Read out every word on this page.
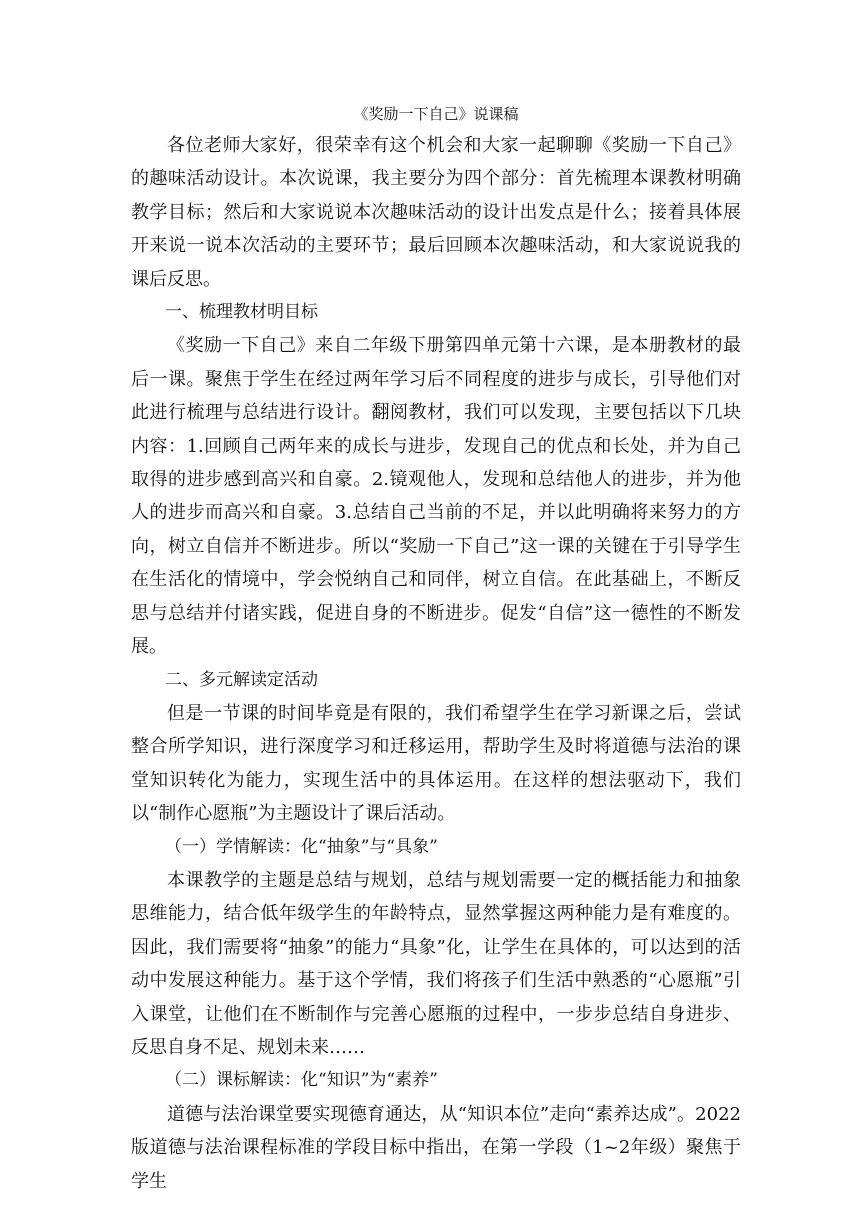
《奖励一下自己》说课稿

各位老师大家好，很荣幸有这个机会和大家一起聊聊《奖励一下自己》的趣味活动设计。本次说课，我主要分为四个部分：首先梳理本课教材明确教学目标；然后和大家说说本次趣味活动的设计出发点是什么；接着具体展开来说一说本次活动的主要环节；最后回顾本次趣味活动，和大家说说我的课后反思。

一、梳理教材明目标

《奖励一下自己》来自二年级下册第四单元第十六课，是本册教材的最后一课。聚焦于学生在经过两年学习后不同程度的进步与成长，引导他们对此进行梳理与总结进行设计。翻阅教材，我们可以发现，主要包括以下几块内容：1.回顾自己两年来的成长与进步，发现自己的优点和长处，并为自己取得的进步感到高兴和自豪。2.镜观他人，发现和总结他人的进步，并为他人的进步而高兴和自豪。3.总结自己当前的不足，并以此明确将来努力的方向，树立自信并不断进步。所以“奖励一下自己”这一课的关键在于引导学生在生活化的情境中，学会悦纳自己和同伴，树立自信。在此基础上，不断反思与总结并付诸实践，促进自身的不断进步。促发“自信”这一德性的不断发展。

二、多元解读定活动

但是一节课的时间毕竟是有限的，我们希望学生在学习新课之后，尝试整合所学知识，进行深度学习和迁移运用，帮助学生及时将道德与法治的课堂知识转化为能力，实现生活中的具体运用。在这样的想法驱动下，我们以“制作心愿瓶”为主题设计了课后活动。

（一）学情解读：化“抽象”与“具象”

本课教学的主题是总结与规划，总结与规划需要一定的概括能力和抽象思维能力，结合低年级学生的年龄特点，显然掌握这两种能力是有难度的。因此，我们需要将“抽象”的能力“具象”化，让学生在具体的，可以达到的活动中发展这种能力。基于这个学情，我们将孩子们生活中熟悉的“心愿瓶”引入课堂，让他们在不断制作与完善心愿瓶的过程中，一步步总结自身进步、反思自身不足、规划未来……

（二）课标解读：化“知识”为“素养”

道德与法治课堂要实现德育通达，从“知识本位”走向“素养达成”。2022版道德与法治课程标准的学段目标中指出，在第一学段（1~2年级）聚焦于学生
